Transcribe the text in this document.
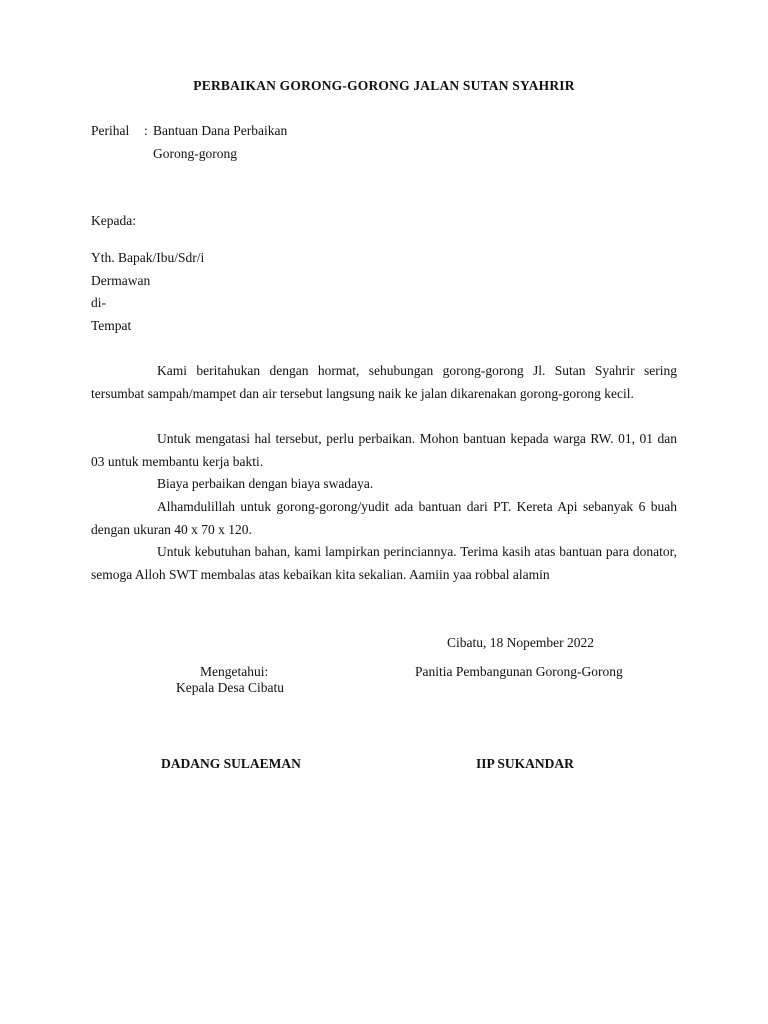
PERBAIKAN GORONG-GORONG JALAN SUTAN SYAHRIR
Perihal : Bantuan Dana Perbaikan
Gorong-gorong
Kepada:
Yth. Bapak/Ibu/Sdr/i
Dermawan
di-
Tempat
Kami beritahukan dengan hormat, sehubungan gorong-gorong Jl. Sutan Syahrir sering tersumbat sampah/mampet dan air tersebut langsung naik ke jalan dikarenakan gorong-gorong kecil.
Untuk mengatasi hal tersebut, perlu perbaikan. Mohon bantuan kepada warga RW. 01, 01 dan 03 untuk membantu kerja bakti.
Biaya perbaikan dengan biaya swadaya.
Alhamdulillah untuk gorong-gorong/yudit ada bantuan dari PT. Kereta Api sebanyak 6 buah dengan ukuran 40 x 70 x 120.
Untuk kebutuhan bahan, kami lampirkan perinciannya. Terima kasih atas bantuan para donator, semoga Alloh SWT membalas atas kebaikan kita sekalian. Aamiin yaa robbal alamin
Cibatu, 18 Nopember 2022
Mengetahui:
Kepala Desa Cibatu
Panitia Pembangunan Gorong-Gorong
DADANG SULAEMAN	IIP SUKANDAR
